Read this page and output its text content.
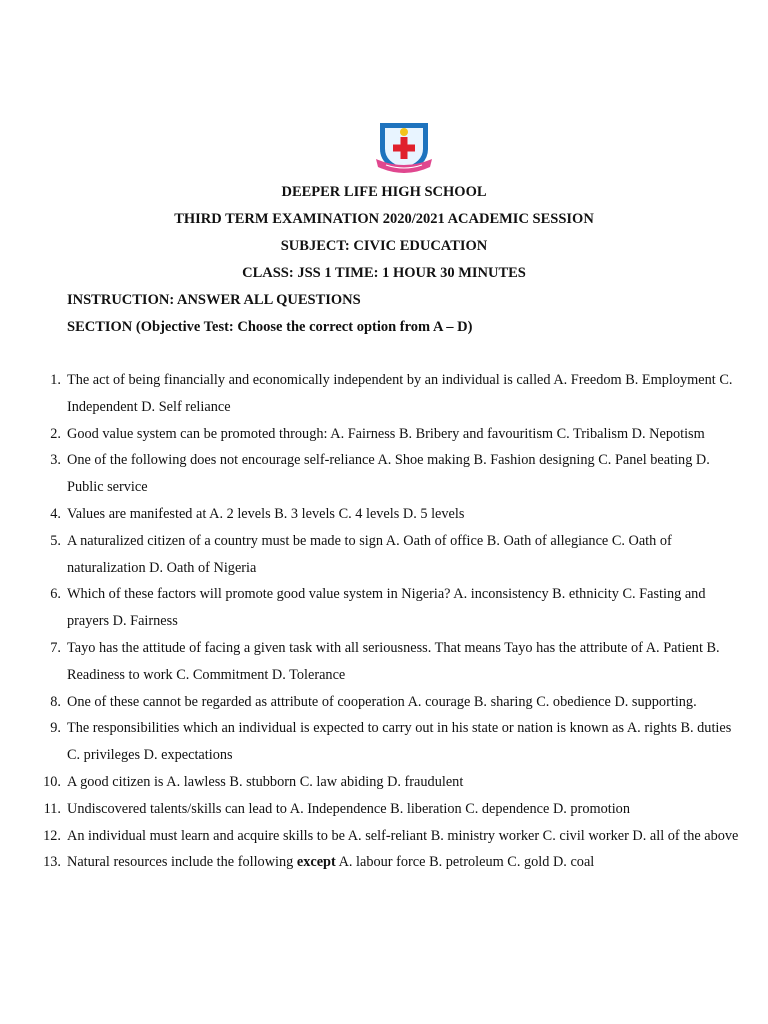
DEEPER LIFE HIGH SCHOOL
THIRD TERM EXAMINATION 2020/2021 ACADEMIC SESSION
SUBJECT: CIVIC EDUCATION
CLASS: JSS 1 TIME: 1 HOUR 30 MINUTES
INSTRUCTION: ANSWER ALL QUESTIONS
SECTION (Objective Test: Choose the correct option from A – D)
1. The act of being financially and economically independent by an individual is called A. Freedom B. Employment C. Independent D. Self reliance
2. Good value system can be promoted through: A. Fairness B. Bribery and favouritism C. Tribalism D. Nepotism
3. One of the following does not encourage self-reliance A. Shoe making B. Fashion designing C. Panel beating D. Public service
4. Values are manifested at A. 2 levels B. 3 levels C. 4 levels D. 5 levels
5. A naturalized citizen of a country must be made to sign A. Oath of office B. Oath of allegiance C. Oath of naturalization D. Oath of Nigeria
6. Which of these factors will promote good value system in Nigeria? A. inconsistency B. ethnicity C. Fasting and prayers D. Fairness
7. Tayo has the attitude of facing a given task with all seriousness. That means Tayo has the attribute of A. Patient B. Readiness to work C. Commitment D. Tolerance
8. One of these cannot be regarded as attribute of cooperation A. courage B. sharing C. obedience D. supporting.
9. The responsibilities which an individual is expected to carry out in his state or nation is known as A. rights B. duties C. privileges D. expectations
10. A good citizen is A. lawless B. stubborn C. law abiding D. fraudulent
11. Undiscovered talents/skills can lead to A. Independence B. liberation C. dependence D. promotion
12. An individual must learn and acquire skills to be A. self-reliant B. ministry worker C. civil worker D. all of the above
13. Natural resources include the following except A. labour force B. petroleum C. gold D. coal
